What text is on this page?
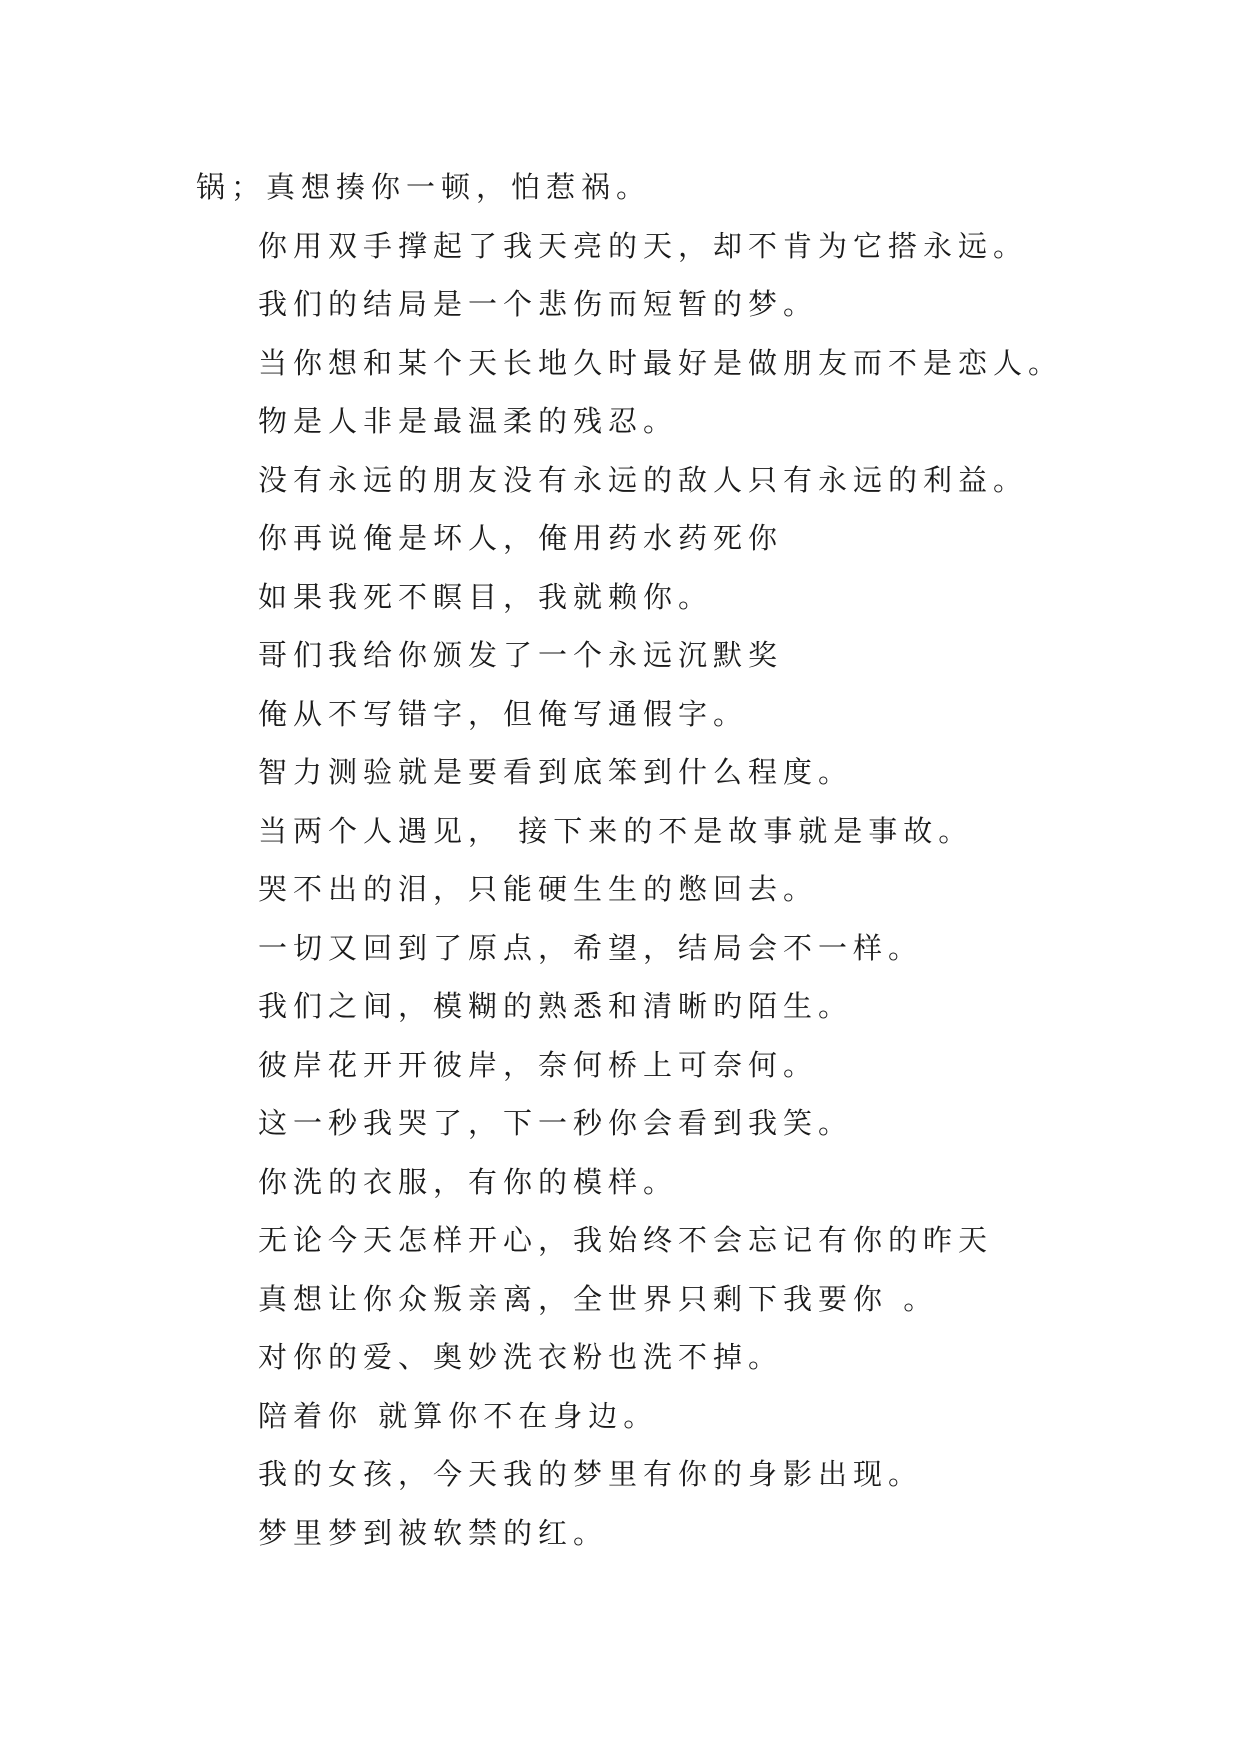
锅；真想揍你一顿，怕惹祸。
你用双手撑起了我天亮的天，却不肯为它搭永远。
我们的结局是一个悲伤而短暂的梦。
当你想和某个天长地久时最好是做朋友而不是恋人。
物是人非是最温柔的残忍。
没有永远的朋友没有永远的敌人只有永远的利益。
你再说俺是坏人，俺用药水药死你
如果我死不瞑目，我就赖你。
哥们我给你颁发了一个永远沉默奖
俺从不写错字，但俺写通假字。
智力测验就是要看到底笨到什么程度。
当两个人遇见， 接下来的不是故事就是事故。
哭不出的泪，只能硬生生的憋回去。
一切又回到了原点，希望，结局会不一样。
我们之间，模糊的熟悉和清晰旳陌生。
彼岸花开开彼岸，奈何桥上可奈何。
这一秒我哭了，下一秒你会看到我笑。
你洗的衣服，有你的模样。
无论今天怎样开心，我始终不会忘记有你的昨天
真想让你众叛亲离，全世界只剩下我要你 。
对你的爱、奥妙洗衣粉也洗不掉。
陪着你 就算你不在身边。
我的女孩，今天我的梦里有你的身影出现。
梦里梦到被软禁的红。
